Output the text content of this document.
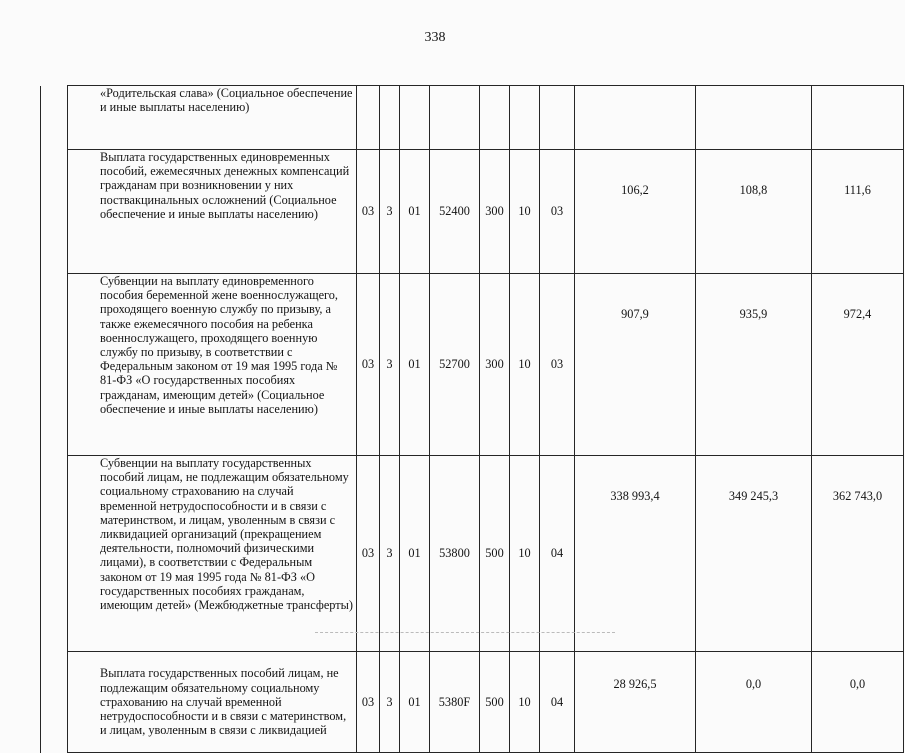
338
	«Родительская слава» (Социальное обеспечение и иные выплаты населению)										
	Выплата государственных единовременных пособий, ежемесячных денежных компенсаций гражданам при возникновении у них поствакцинальных осложнений (Социальное обеспечение и иные выплаты населению)	03	3	01	52400	300	10	03	106,2	108,8	111,6
	Субвенции на выплату единовременного пособия беременной жене военнослужащего, проходящего военную службу по призыву, а также ежемесячного пособия на ребенка военнослужащего, проходящего военную службу по призыву, в соответствии с Федеральным законом от 19 мая 1995 года № 81-ФЗ «О государственных пособиях гражданам, имеющим детей» (Социальное обеспечение и иные выплаты населению)	03	3	01	52700	300	10	03	907,9	935,9	972,4
	Субвенции на выплату государственных пособий лицам, не подлежащим обязательному социальному страхованию на случай временной нетрудоспособности и в связи с материнством, и лицам, уволенным в связи с ликвидацией организаций (прекращением деятельности, полномочий физическими лицами), в соответствии с Федеральным законом от 19 мая 1995 года № 81-ФЗ «О государственных пособиях гражданам, имеющим детей» (Межбюджетные трансферты)	03	3	01	53800	500	10	04	338 993,4	349 245,3	362 743,0
	Выплата государственных пособий лицам, не подлежащим обязательному социальному страхованию на случай временной нетрудоспособности и в связи с материнством, и лицам, уволенным в связи с ликвидацией	03	3	01	5380F	500	10	04	28 926,5	0,0	0,0
